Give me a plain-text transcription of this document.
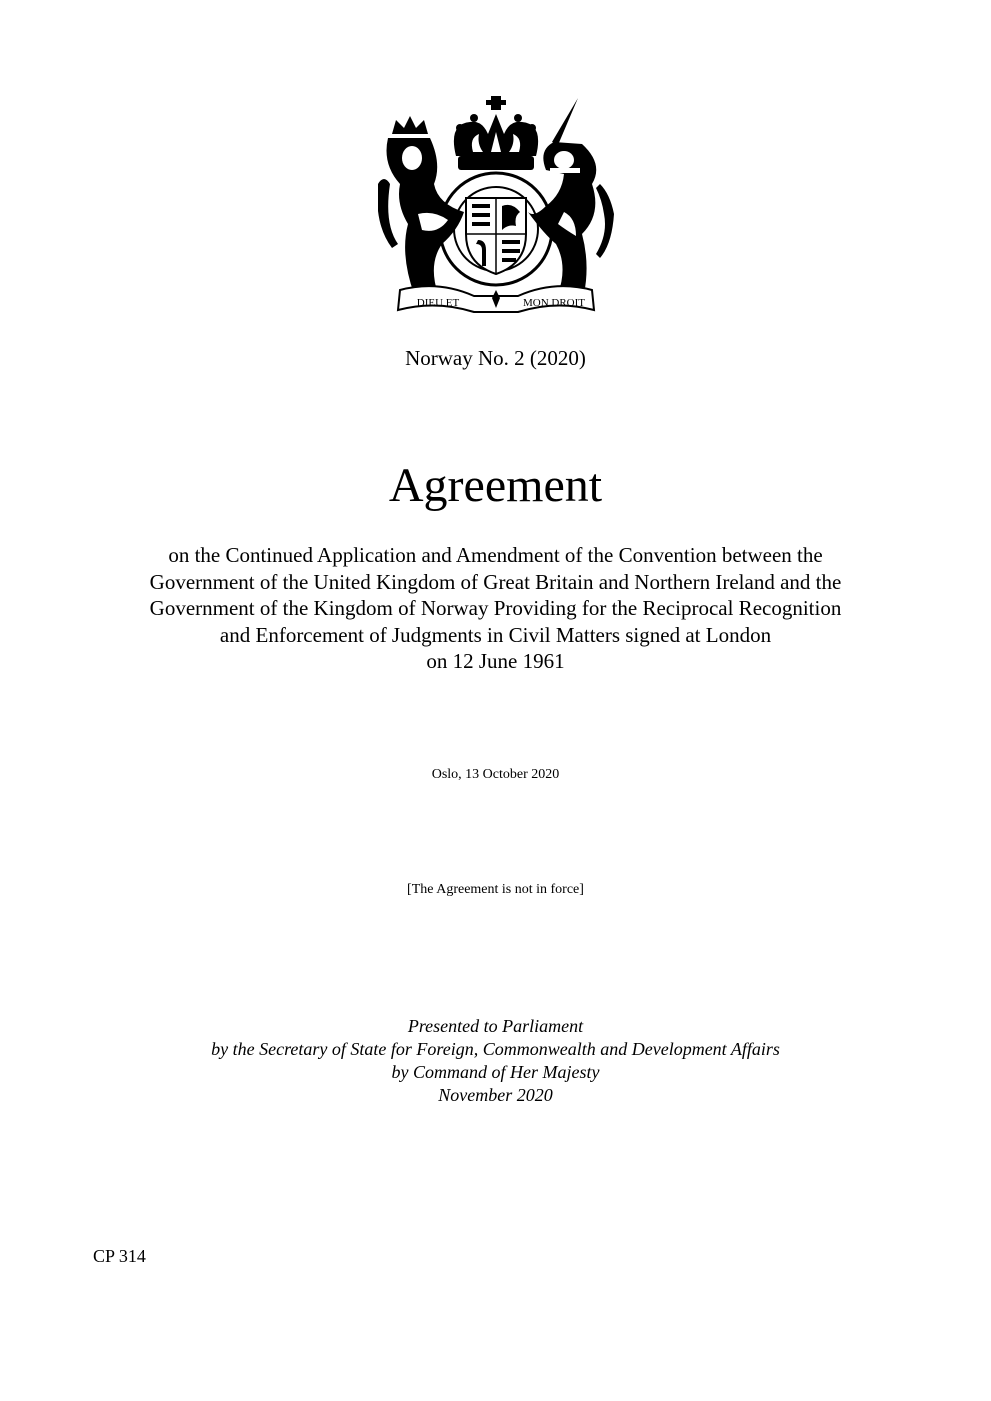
DIEU ET	MON DROIT
Norway No. 2 (2020)
Agreement
on the Continued Application and Amendment of the Convention between the
Government of the United Kingdom of Great Britain and Northern Ireland and the
Government of the Kingdom of Norway Providing for the Reciprocal Recognition
and Enforcement of Judgments in Civil Matters signed at London
on 12 June 1961
Oslo, 13 October 2020
[The Agreement is not in force]
Presented to Parliament
by the Secretary of State for Foreign, Commonwealth and Development Affairs
by Command of Her Majesty
November 2020
CP 314
